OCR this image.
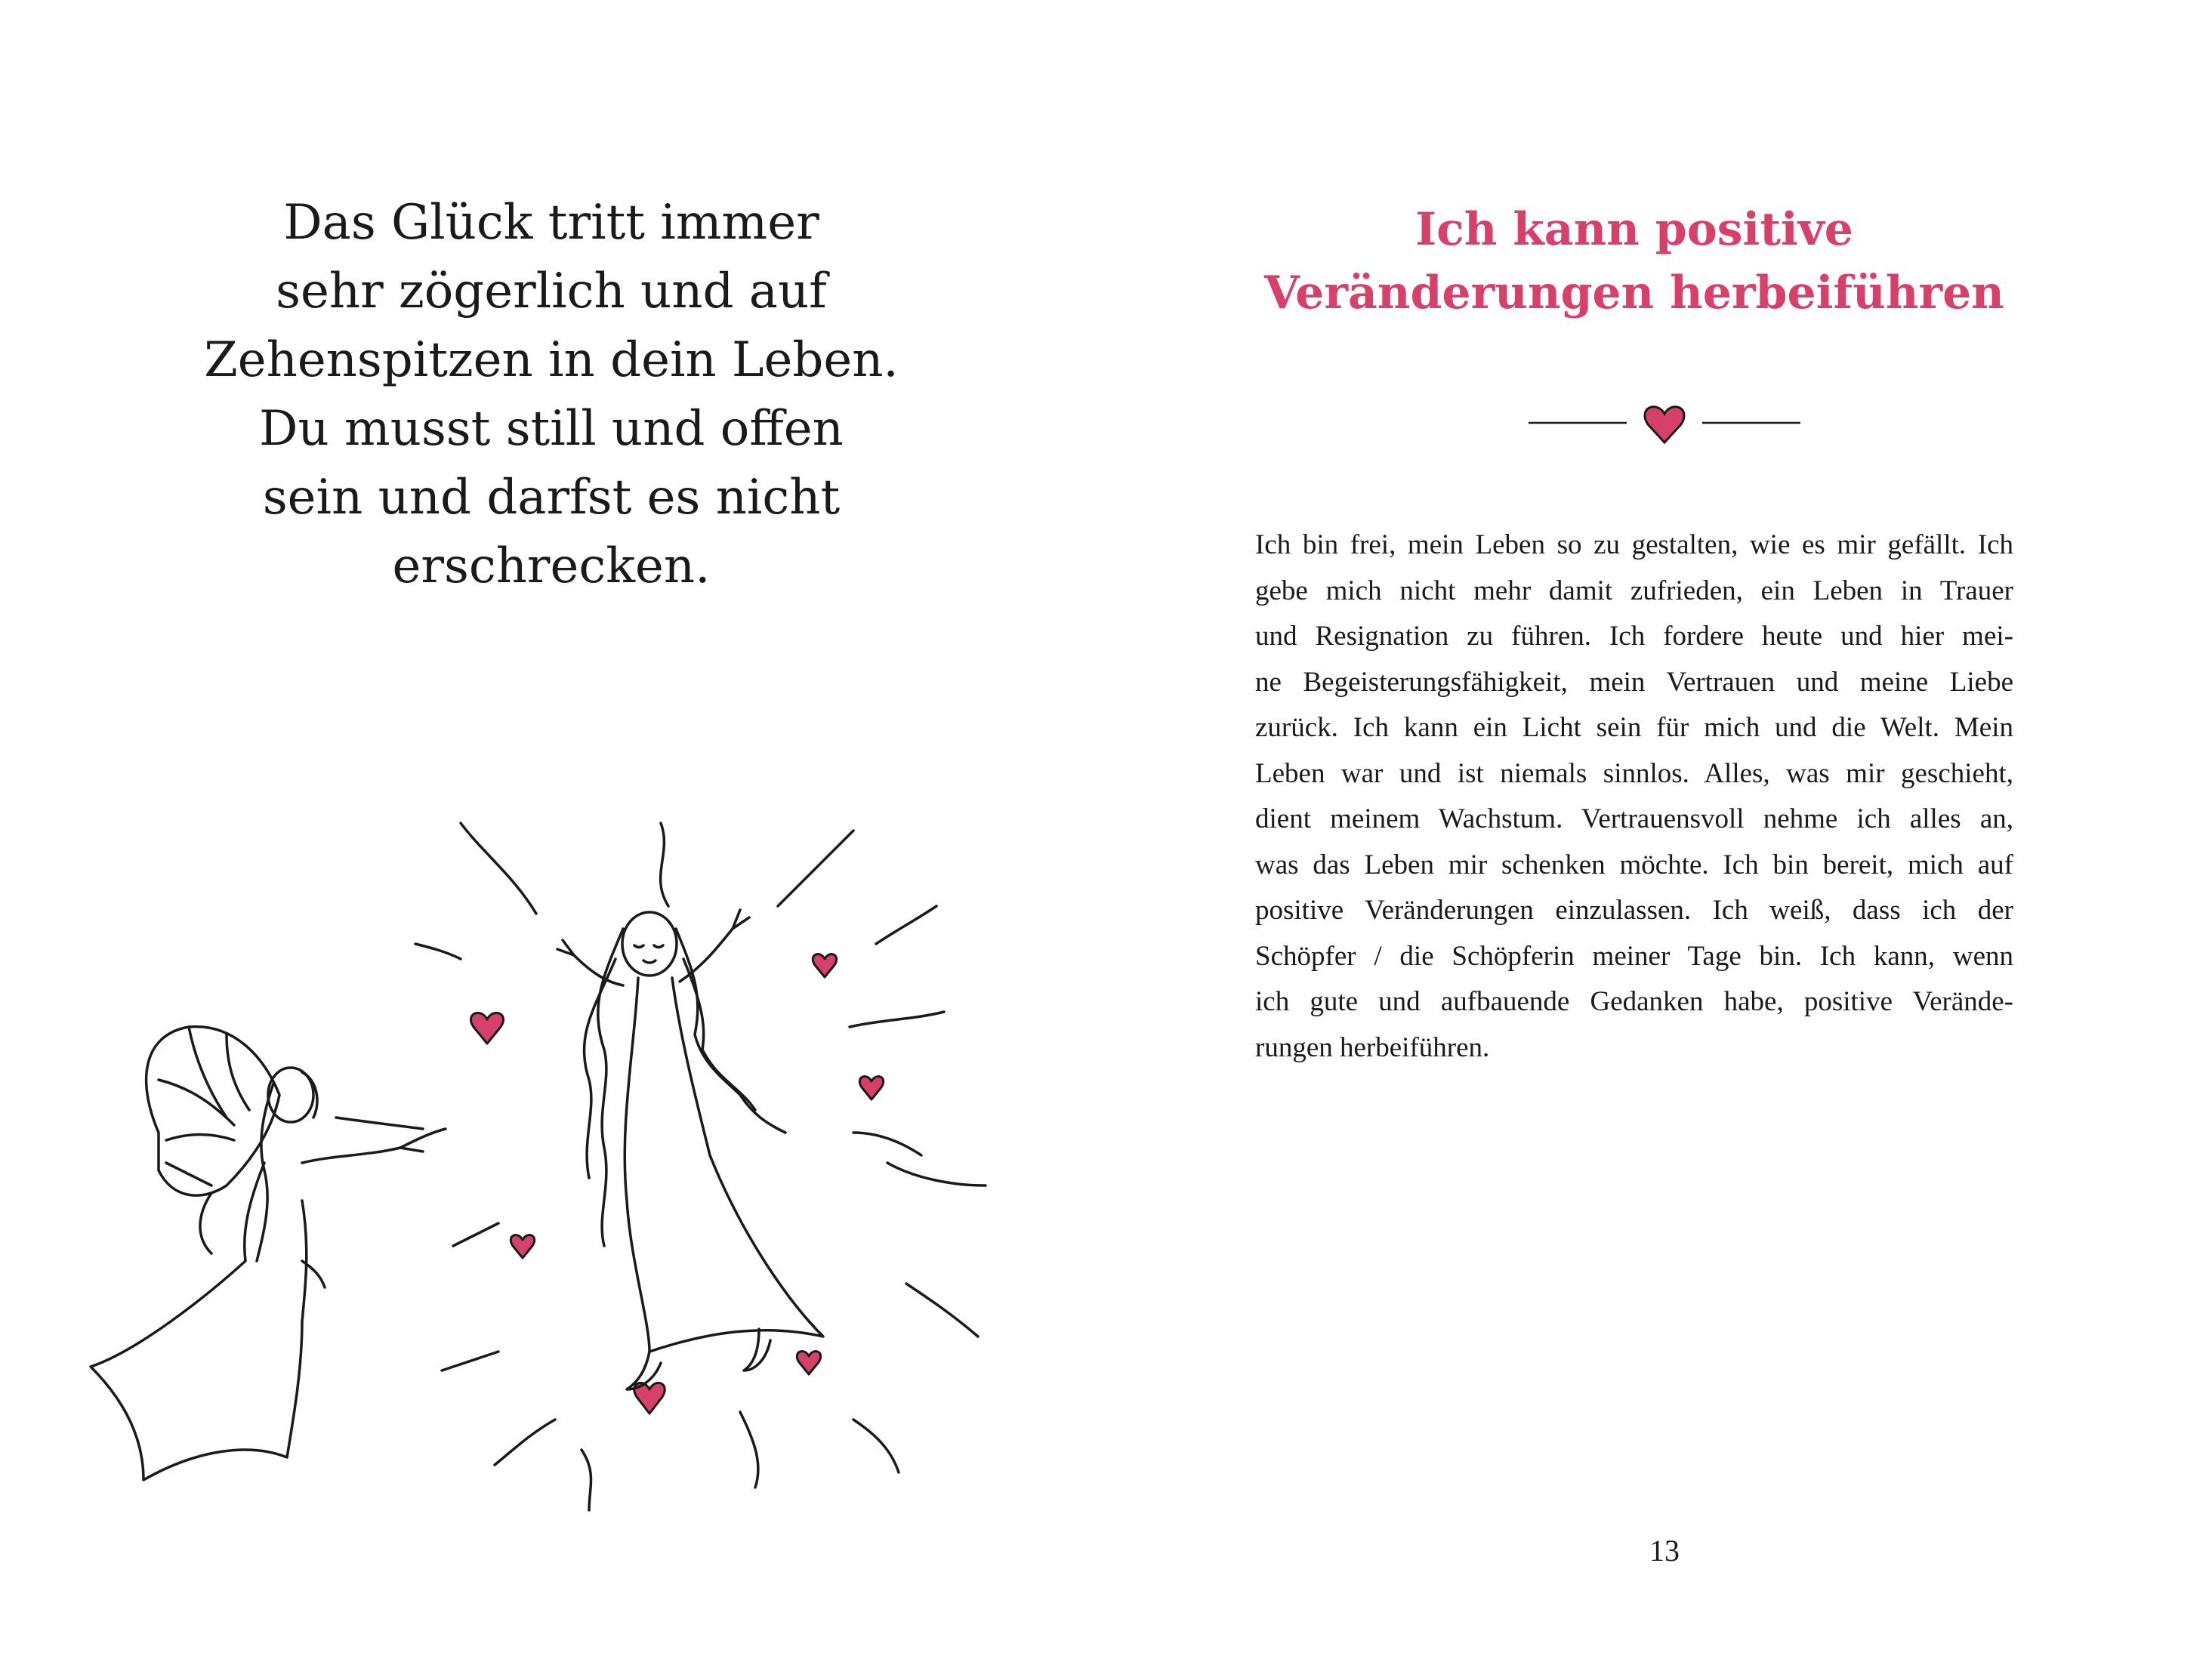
Das Glück tritt immer
sehr zögerlich und auf
Zehenspitzen in dein Leben.
Du musst still und offen
sein und darfst es nicht
erschrecken.
Ich kann positive
Veränderungen herbeiführen
Ich bin frei, mein Leben so zu gestalten, wie es mir gefällt. Ich
gebe mich nicht mehr damit zufrieden, ein Leben in Trauer
und Resignation zu führen. Ich fordere heute und hier mei-
ne Begeisterungsfähigkeit, mein Vertrauen und meine Liebe
zurück. Ich kann ein Licht sein für mich und die Welt. Mein
Leben war und ist niemals sinnlos. Alles, was mir geschieht,
dient meinem Wachstum. Vertrauensvoll nehme ich alles an,
was das Leben mir schenken möchte. Ich bin bereit, mich auf
positive Veränderungen einzulassen. Ich weiß, dass ich der
Schöpfer / die Schöpferin meiner Tage bin. Ich kann, wenn
ich gute und aufbauende Gedanken habe, positive Verände-
rungen herbeiführen.
13
